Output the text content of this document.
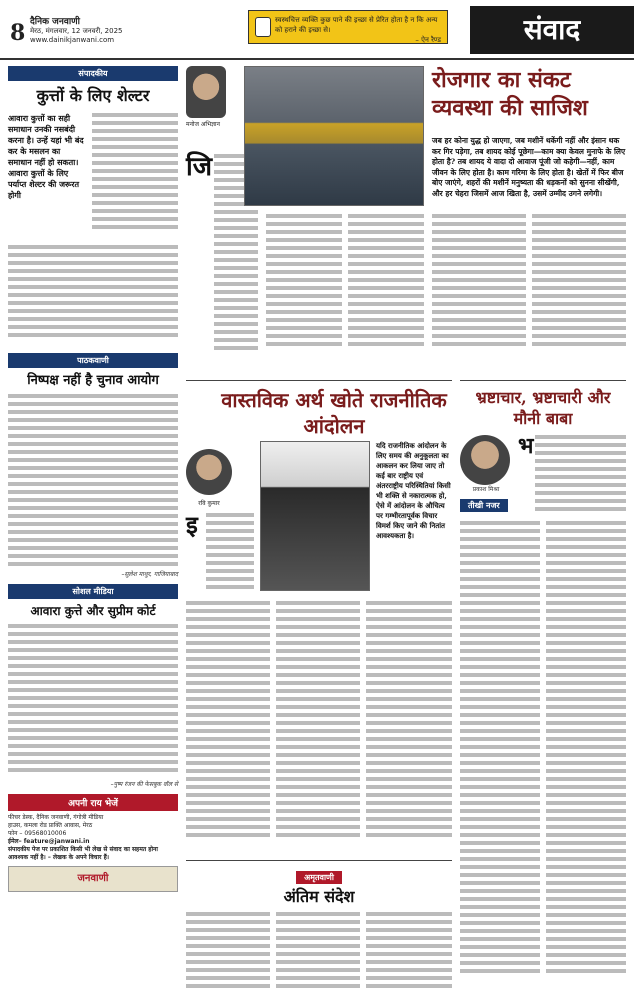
8 दैनिक जनवाणी
मेरठ, मंगलवार, 12 जनवरी, 2025
www.dainikjanwani.com
स्वस्थचित्त व्यक्ति कुछ पाने की इच्छा से प्रेरित होता है न कि अन्य को हराने की इच्छा से।
– ऐन रैण्ड	संवाद
संपादकीय
कुत्तों के लिए शेल्टर
आवारा कुत्तों का सही समाधान उनकी नसबंदी करना है। उन्हें यहां भी बंद कर के मसलन का समाधान नहीं हो सकता। आवारा कुत्तों के लिए पर्याप्त शेल्टर की जरूरत होगी
पाठकवाणी
निष्पक्ष नहीं है चुनाव आयोग
–सुलेश माथुर, गाजियाबाद
सोशल मीडिया
आवारा कुत्ते और सुप्रीम कोर्ट
–पुष्प रंजन की फेसबुक वॉल से
अपनी राय भेजें
फीचर डेस्क, दैनिक जनवाणी, गंगोत्री मीडिया
हाउस, कमला रोड प्राक्ति आवास, मेरठ
फोन – 09568010006
ईमेल– feature@janwani.in
संपादकीय पेज पर प्रकाशित किसी भी लेख से संवाद का सहमत होना आवश्यक नहीं है। – लेखक के अपने विचार हैं।
जनवाणी
मनोज अभिज्ञान
जि
रोजगार का संकट व्यवस्था की साजिश
जब हर कोना युद्ध हो जाएगा, जब मशीनें थकेंगी नहीं और इंसान थक कर गिर पड़ेगा, तब शायद कोई पूछेगा—काम क्या केवल मुनाफे के लिए होता है? तब शायद ये वादा दो आवाज पूंजी जो कहेगी—नहीं, काम जीवन के लिए होता है। काम गरिमा के लिए होता है। खेतों में फिर बीज बोए जाएंगे, शहरों की मशीनें मनुष्यता की धड़कनों को सुनना सीखेंगी, और हर चेहरा जिसमें आज खिता है, उसमें उम्मीद उगने लगेगी।
वास्तविक अर्थ खोते राजनीतिक आंदोलन
रवि कुमार
इ
यदि राजनीतिक आंदोलन के लिए समय की अनुकूलता का आकलन कर लिया जाए तो कई बार राष्ट्रीय एवं अंतरराष्ट्रीय परिस्थितियां किसी भी शक्ति से नकारात्मक हो, ऐसे में आंदोलन के औचित्य पर गम्भीरतापूर्वक विचार विमर्श किए जाने की नितांत आवश्यकता है।
भ्रष्टाचार, भ्रष्टाचारी और मौनी बाबा
प्रकाश मिश्रा
तीखी नजर
भ
अमृतवाणी
अंतिम संदेश
